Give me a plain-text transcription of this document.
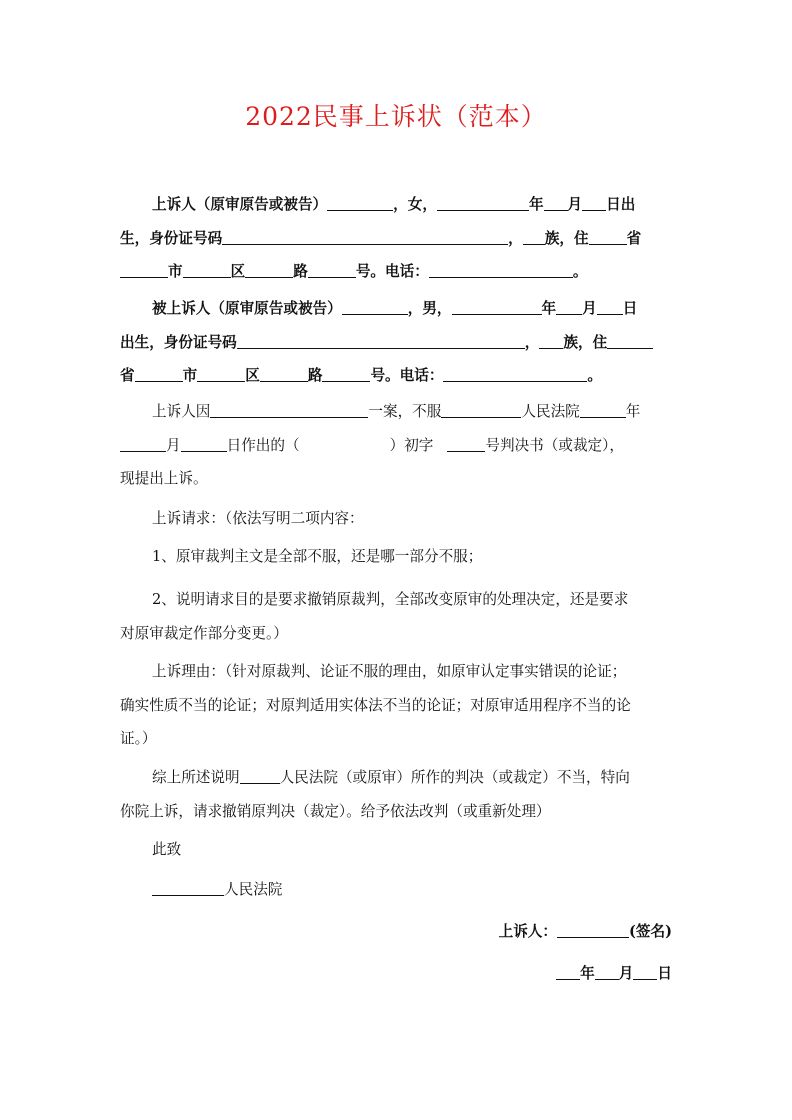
2022民事上诉状（范本）
上诉人（原审原告或被告）	，女，	年 月 日出
生，身份证号码	， 族，住	省
市	区	路	号。电话：	。
被上诉人（原审原告或被告）	，男，	年 月 日
出生，身份证号码	， 族，住
省	市	区	路	号。电话：	。
上诉人因	一案，不服	人民法院	年
月	日作出的（	）初字	号判决书（或裁定），
现提出上诉。
上诉请求：（依法写明二项内容：
1、原审裁判主文是全部不服，还是哪一部分不服；
2、说明请求目的是要求撤销原裁判，全部改变原审的处理决定，还是要求
对原审裁定作部分变更。）
上诉理由：（针对原裁判、论证不服的理由，如原审认定事实错误的论证；
确实性质不当的论证；对原判适用实体法不当的论证；对原审适用程序不当的论
证。）
综上所述说明	人民法院（或原审）所作的判决（或裁定）不当，特向
你院上诉，请求撤销原判决（裁定）。给予依法改判（或重新处理）
此致
人民法院
上诉人：	(签名)
年 月 日
